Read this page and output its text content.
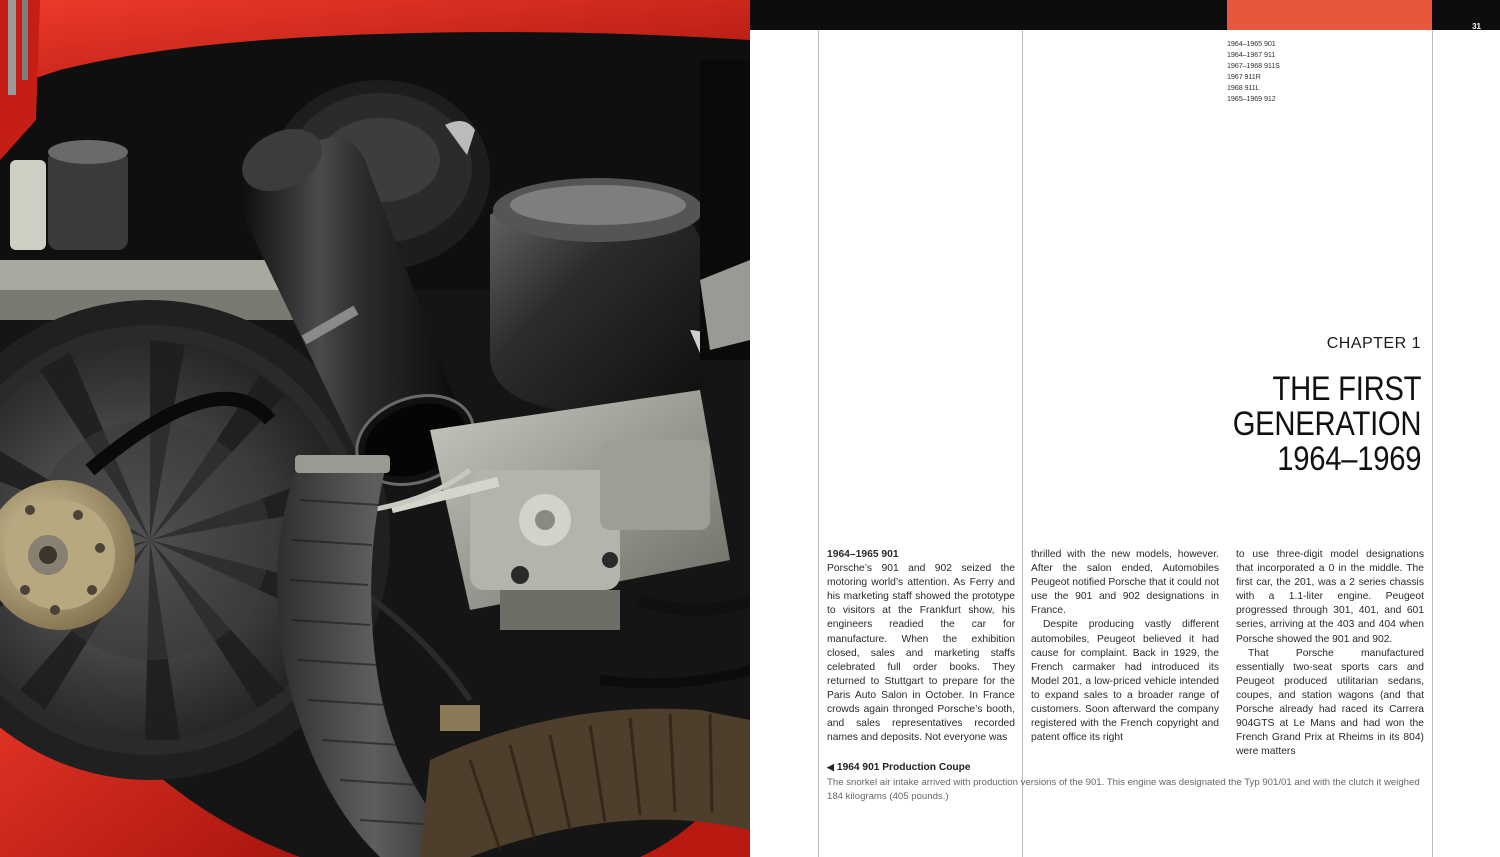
31
1964–1965 901
1964–1967 911
1967–1968 911S
1967 911R
1968 911L
1965–1969 912
CHAPTER 1
THE FIRST
GENERATION
1964–1969
1964–1965 901

Porsche’s 901 and 902 seized the motoring world’s attention. As Ferry and his marketing staff showed the prototype to visitors at the Frankfurt show, his engineers readied the car for manufacture. When the exhibition closed, sales and marketing staffs celebrated full order books. They returned to Stuttgart to prepare for the Paris Auto Salon in October. In France crowds again thronged Porsche’s booth, and sales representatives recorded names and deposits. Not everyone was

thrilled with the new models, however. After the salon ended, Automobiles Peugeot notified Porsche that it could not use the 901 and 902 designations in France.

Despite producing vastly different automobiles, Peugeot believed it had cause for complaint. Back in 1929, the French carmaker had introduced its Model 201, a low-priced vehicle intended to expand sales to a broader range of customers. Soon afterward the company registered with the French copyright and patent office its right

to use three-digit model designations that incorporated a 0 in the middle. The first car, the 201, was a 2 series chassis with a 1.1-liter engine. Peugeot progressed through 301, 401, and 601 series, arriving at the 403 and 404 when Porsche showed the 901 and 902.

That Porsche manufactured essentially two-seat sports cars and Peugeot produced utilitarian sedans, coupes, and station wagons (and that Porsche already had raced its Carrera 904GTS at Le Mans and had won the French Grand Prix at Rheims in its 804) were matters

◀ 1964 901 Production Coupe
The snorkel air intake arrived with production versions of the 901. This engine was designated the Typ 901/01 and with the clutch it weighed 184 kilograms (405 pounds.)
